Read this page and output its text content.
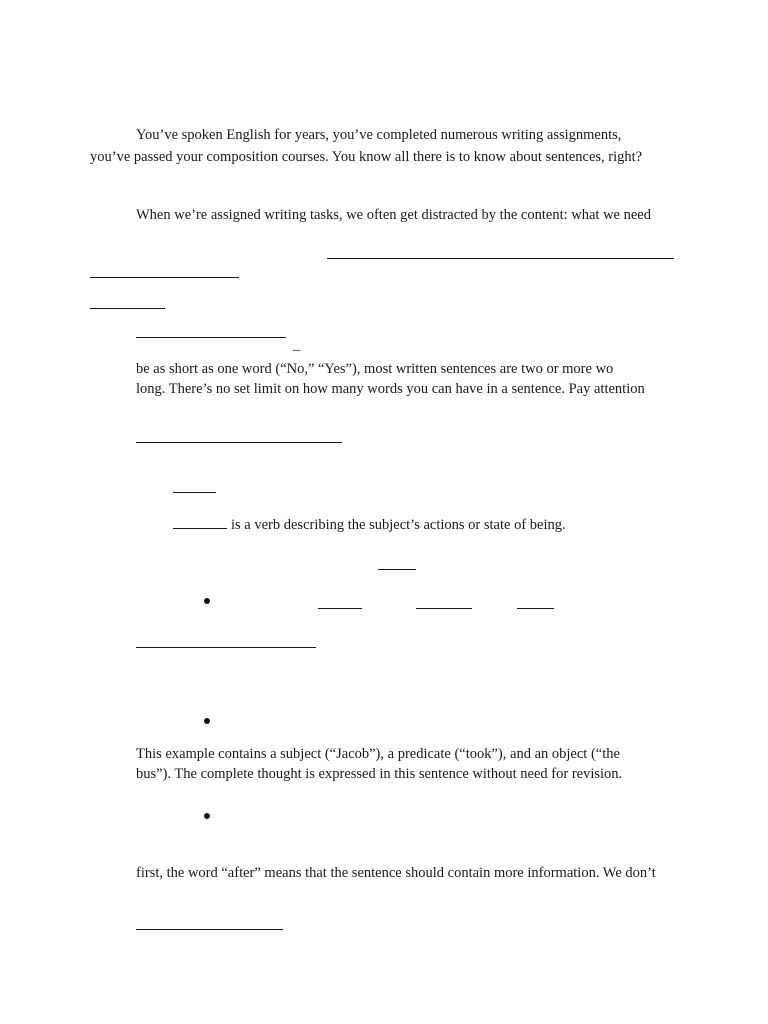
You’ve spoken English for years, you’ve completed numerous writing assignments,
you’ve passed your composition courses. You know all there is to know about sentences, right?
When we’re assigned writing tasks, we often get distracted by the content: what we need
_
be as short as one word (“No,” “Yes”), most written sentences are two or more wo
long. There’s no set limit on how many words you can have in a sentence. Pay attention
is a verb describing the subject’s actions or state of being.
This example contains a subject (“Jacob”), a predicate (“took”), and an object (“the
bus”). The complete thought is expressed in this sentence without need for revision.
first, the word “after” means that the sentence should contain more information. We don’t
